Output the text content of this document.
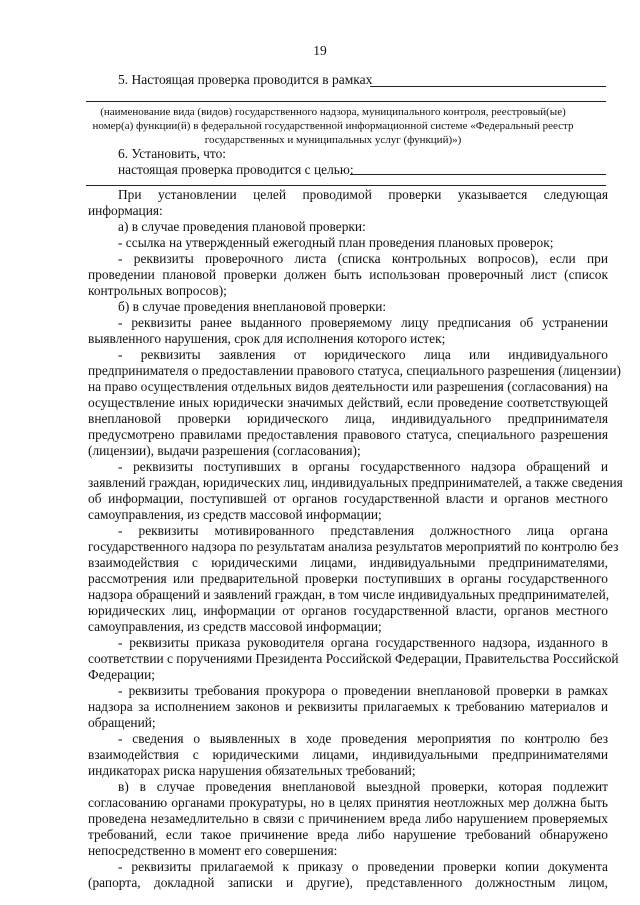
19
5. Настоящая проверка проводится в рамках
(наименование вида (видов) государственного надзора, муниципального контроля, реестровый(ые)
номер(а) функции(й) в федеральной государственной информационной системе «Федеральный реестр
государственных и муниципальных услуг (функций)»)
6. Установить, что:
настоящая проверка проводится с целью:
При установлении целей проводимой проверки указывается следующая
информация:
а) в случае проведения плановой проверки:
- ссылка на утвержденный ежегодный план проведения плановых проверок;
- реквизиты проверочного листа (списка контрольных вопросов), если при
проведении плановой проверки должен быть использован проверочный лист (список
контрольных вопросов);
б) в случае проведения внеплановой проверки:
- реквизиты ранее выданного проверяемому лицу предписания об устранении
выявленного нарушения, срок для исполнения которого истек;
- реквизиты заявления от юридического лица или индивидуального
предпринимателя о предоставлении правового статуса, специального разрешения (лицензии)
на право осуществления отдельных видов деятельности или разрешения (согласования) на
осуществление иных юридически значимых действий, если проведение соответствующей
внеплановой проверки юридического лица, индивидуального предпринимателя
предусмотрено правилами предоставления правового статуса, специального разрешения
(лицензии), выдачи разрешения (согласования);
- реквизиты поступивших в органы государственного надзора обращений и
заявлений граждан, юридических лиц, индивидуальных предпринимателей, а также сведения
об информации, поступившей от органов государственной власти и органов местного
самоуправления, из средств массовой информации;
- реквизиты мотивированного представления должностного лица органа
государственного надзора по результатам анализа результатов мероприятий по контролю без
взаимодействия с юридическими лицами, индивидуальными предпринимателями,
рассмотрения или предварительной проверки поступивших в органы государственного
надзора обращений и заявлений граждан, в том числе индивидуальных предпринимателей,
юридических лиц, информации от органов государственной власти, органов местного
самоуправления, из средств массовой информации;
- реквизиты приказа руководителя органа государственного надзора, изданного в
соответствии с поручениями Президента Российской Федерации, Правительства Российской
Федерации;
- реквизиты требования прокурора о проведении внеплановой проверки в рамках
надзора за исполнением законов и реквизиты прилагаемых к требованию материалов и
обращений;
- сведения о выявленных в ходе проведения мероприятия по контролю без
взаимодействия с юридическими лицами, индивидуальными предпринимателями
индикаторах риска нарушения обязательных требований;
в) в случае проведения внеплановой выездной проверки, которая подлежит
согласованию органами прокуратуры, но в целях принятия неотложных мер должна быть
проведена незамедлительно в связи с причинением вреда либо нарушением проверяемых
требований, если такое причинение вреда либо нарушение требований обнаружено
непосредственно в момент его совершения:
- реквизиты прилагаемой к приказу о проведении проверки копии документа
(рапорта, докладной записки и другие), представленного должностным лицом,
